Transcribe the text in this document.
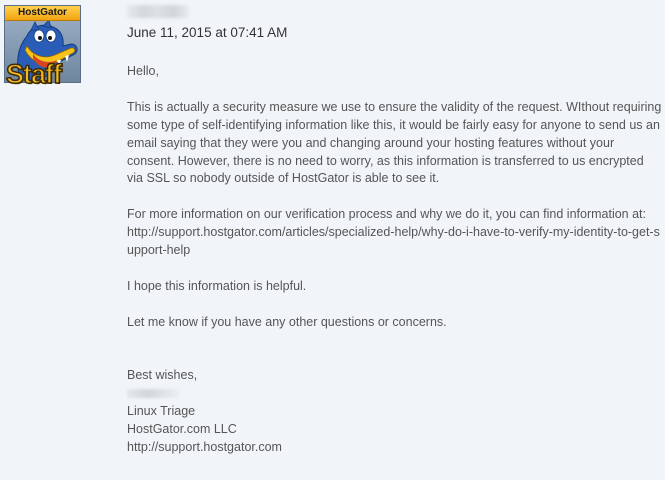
HostGator
Staff
June 11, 2015 at 07:41 AM

Hello,

This is actually a security measure we use to ensure the validity of the request. WIthout requiring some type of self-identifying information like this, it would be fairly easy for anyone to send us an email saying that they were you and changing around your hosting features without your consent. However, there is no need to worry, as this information is transferred to us encrypted via SSL so nobody outside of HostGator is able to see it.

For more information on our verification process and why we do it, you can find information at:

http://support.hostgator.com/articles/specialized-help/why-do-i-have-to-verify-my-identity-to-get-support-help

I hope this information is helpful.

Let me know if you have any other questions or concerns.

Best wishes,
Linux Triage
HostGator.com LLC
http://support.hostgator.com
